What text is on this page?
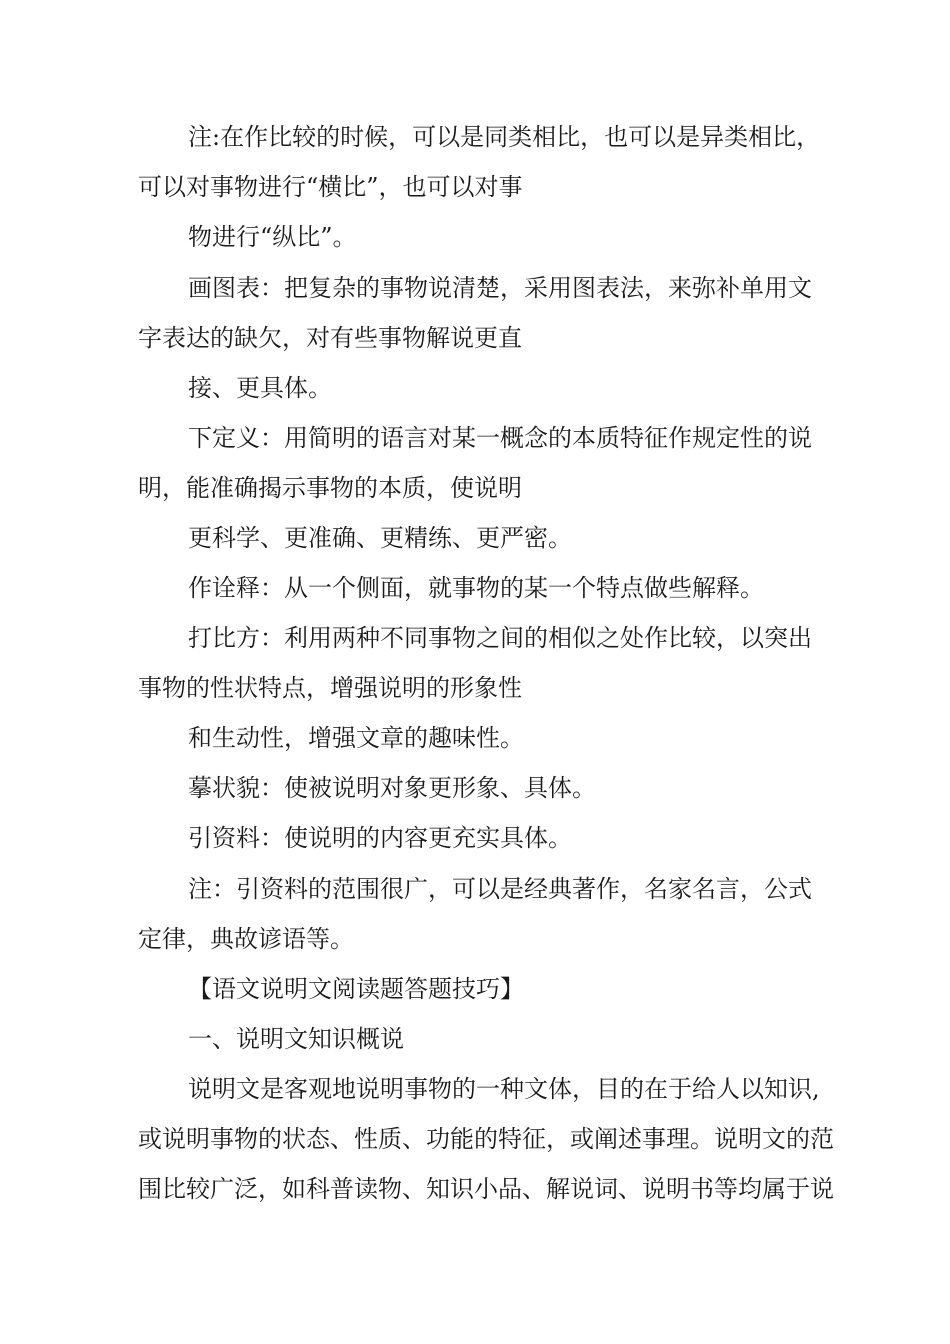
注:在作比较的时候，可以是同类相比，也可以是异类相比，

可以对事物进行“横比”，也可以对事

物进行“纵比”。

画图表：把复杂的事物说清楚，采用图表法，来弥补单用文

字表达的缺欠，对有些事物解说更直

接、更具体。

下定义：用简明的语言对某一概念的本质特征作规定性的说

明，能准确揭示事物的本质，使说明

更科学、更准确、更精练、更严密。

作诠释：从一个侧面，就事物的某一个特点做些解释。

打比方：利用两种不同事物之间的相似之处作比较，以突出

事物的性状特点，增强说明的形象性

和生动性，增强文章的趣味性。

摹状貌：使被说明对象更形象、具体。

引资料：使说明的内容更充实具体。

注：引资料的范围很广，可以是经典著作，名家名言，公式

定律，典故谚语等。

【语文说明文阅读题答题技巧】

一、说明文知识概说

说明文是客观地说明事物的一种文体，目的在于给人以知识,

或说明事物的状态、性质、功能的特征，或阐述事理。说明文的范

围比较广泛，如科普读物、知识小品、解说词、说明书等均属于说
